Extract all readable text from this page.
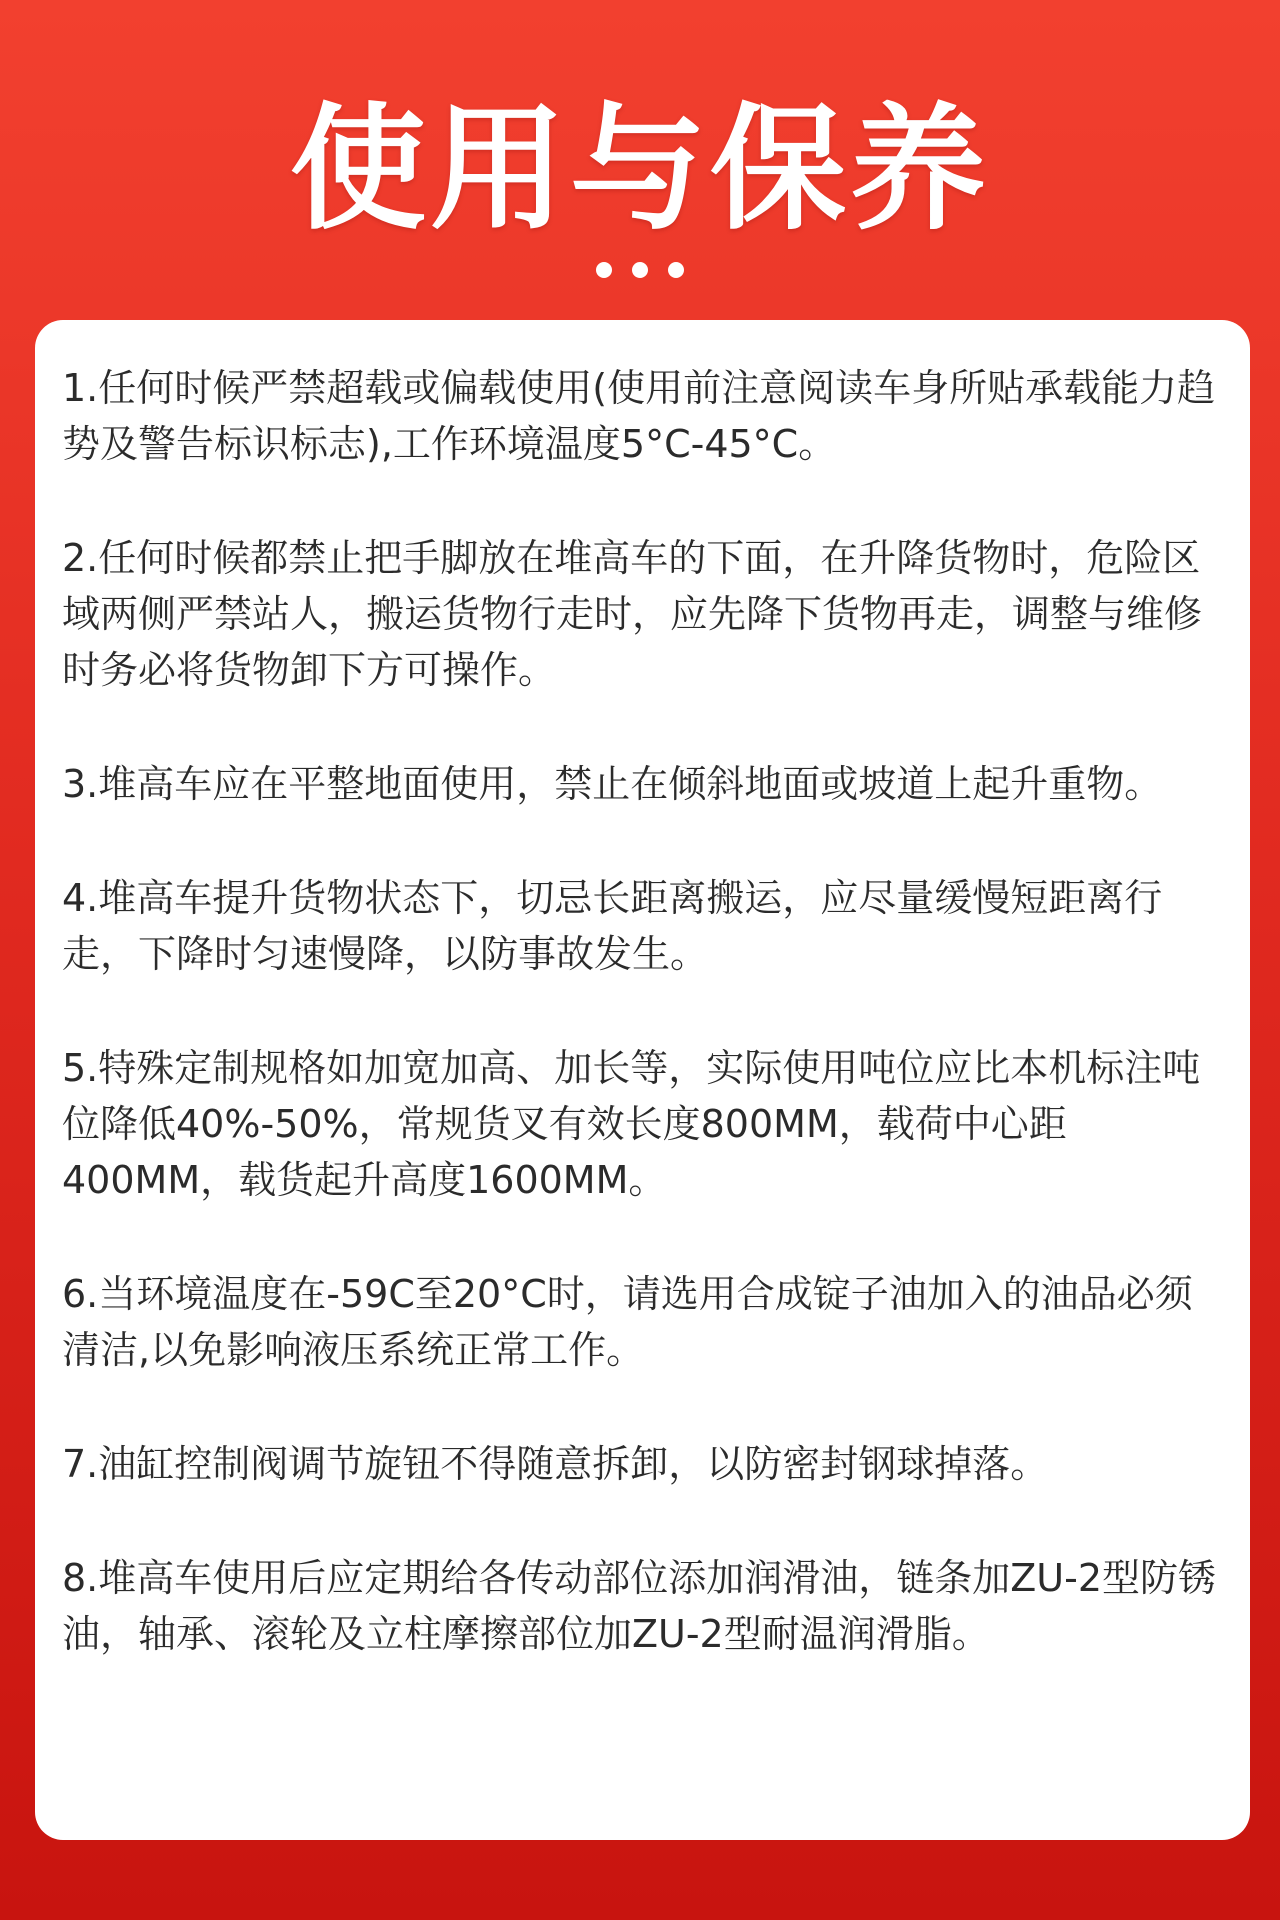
使用与保养

1.任何时候严禁超载或偏载使用(使用前注意阅读车身所贴承载能力趋势及警告标识标志),工作环境温度5°C-45°C。

2.任何时候都禁止把手脚放在堆高车的下面，在升降货物时，危险区域两侧严禁站人，搬运货物行走时，应先降下货物再走，调整与维修时务必将货物卸下方可操作。

3.堆高车应在平整地面使用，禁止在倾斜地面或坡道上起升重物。

4.堆高车提升货物状态下，切忌长距离搬运，应尽量缓慢短距离行走，下降时匀速慢降，以防事故发生。

5.特殊定制规格如加宽加高、加长等，实际使用吨位应比本机标注吨位降低40%-50%，常规货叉有效长度800MM，载荷中心距400MM，载货起升高度1600MM。

6.当环境温度在-59C至20°C时，请选用合成锭子油加入的油品必须清洁,以免影响液压系统正常工作。

7.油缸控制阀调节旋钮不得随意拆卸，以防密封钢球掉落。

8.堆高车使用后应定期给各传动部位添加润滑油，链条加ZU-2型防锈油，轴承、滚轮及立柱摩擦部位加ZU-2型耐温润滑脂。
